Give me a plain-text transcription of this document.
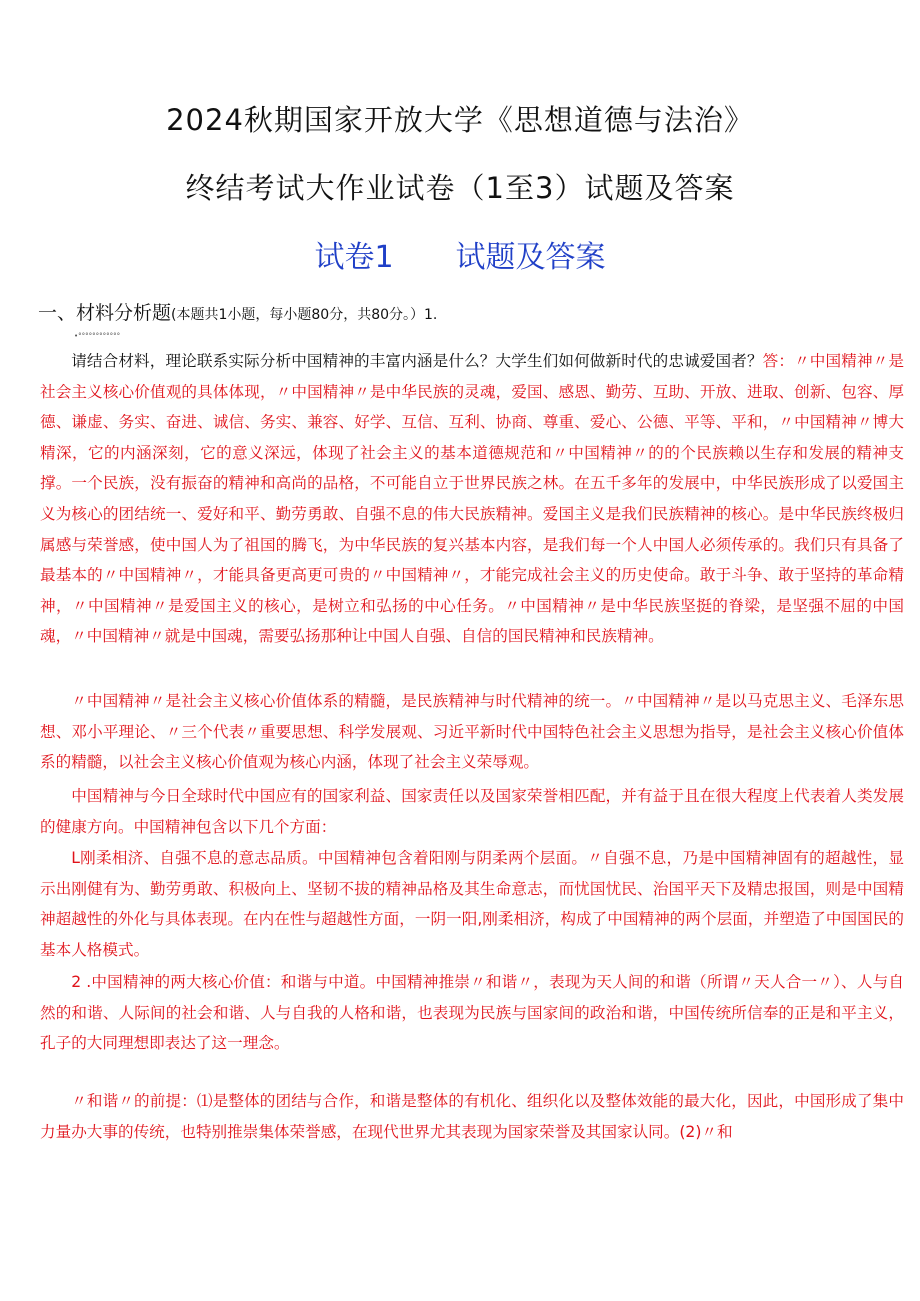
2024秋期国家开放大学《思想道德与法治》
终结考试大作业试卷（1至3）试题及答案
试卷1 试题及答案
一、材料分析题(本题共1小题，每小题80分，共80分。）1.
•°°°°°°°°°°°°

请结合材料，理论联系实际分析中国精神的丰富内涵是什么？大学生们如何做新时代的忠诚爱国者？答：〃中国精神〃是社会主义核心价值观的具体体现，〃中国精神〃是中华民族的灵魂，爱国、感恩、勤劳、互助、开放、进取、创新、包容、厚德、谦虚、务实、奋进、诚信、务实、兼容、好学、互信、互利、协商、尊重、爱心、公德、平等、平和，〃中国精神〃博大精深，它的内涵深刻，它的意义深远，体现了社会主义的基本道德规范和〃中国精神〃的的个民族赖以生存和发展的精神支撑。一个民族，没有振奋的精神和高尚的品格，不可能自立于世界民族之林。在五千多年的发展中，中华民族形成了以爱国主义为核心的团结统一、爱好和平、勤劳勇敢、自强不息的伟大民族精神。爱国主义是我们民族精神的核心。是中华民族终极归属感与荣誉感，使中国人为了祖国的腾飞，为中华民族的复兴基本内容，是我们每一个人中国人必须传承的。我们只有具备了最基本的〃中国精神〃，才能具备更高更可贵的〃中国精神〃，才能完成社会主义的历史使命。敢于斗争、敢于坚持的革命精神，〃中国精神〃是爱国主义的核心，是树立和弘扬的中心任务。〃中国精神〃是中华民族坚挺的脊梁，是坚强不屈的中国魂，〃中国精神〃就是中国魂，需要弘扬那种让中国人自强、自信的国民精神和民族精神。

〃中国精神〃是社会主义核心价值体系的精髓，是民族精神与时代精神的统一。〃中国精神〃是以马克思主义、毛泽东思想、邓小平理论、〃三个代表〃重要思想、科学发展观、习近平新时代中国特色社会主义思想为指导，是社会主义核心价值体系的精髓，以社会主义核心价值观为核心内涵，体现了社会主义荣辱观。

中国精神与今日全球时代中国应有的国家利益、国家责任以及国家荣誉相匹配，并有益于且在很大程度上代表着人类发展的健康方向。中国精神包含以下几个方面：

L刚柔相济、自强不息的意志品质。中国精神包含着阳刚与阴柔两个层面。〃自强不息，乃是中国精神固有的超越性，显示出刚健有为、勤劳勇敢、积极向上、坚韧不拔的精神品格及其生命意志，而忧国忧民、治国平天下及精忠报国，则是中国精神超越性的外化与具体表现。在内在性与超越性方面，一阴一阳,刚柔相济，构成了中国精神的两个层面，并塑造了中国国民的基本人格模式。

2 .中国精神的两大核心价值：和谐与中道。中国精神推崇〃和谐〃，表现为天人间的和谐（所谓〃天人合一〃）、人与自然的和谐、人际间的社会和谐、人与自我的人格和谐，也表现为民族与国家间的政治和谐，中国传统所信奉的正是和平主义，孔子的大同理想即表达了这一理念。

〃和谐〃的前提：⑴是整体的团结与合作，和谐是整体的有机化、组织化以及整体效能的最大化，因此，中国形成了集中力量办大事的传统，也特别推崇集体荣誉感，在现代世界尤其表现为国家荣誉及其国家认同。(2)〃和
